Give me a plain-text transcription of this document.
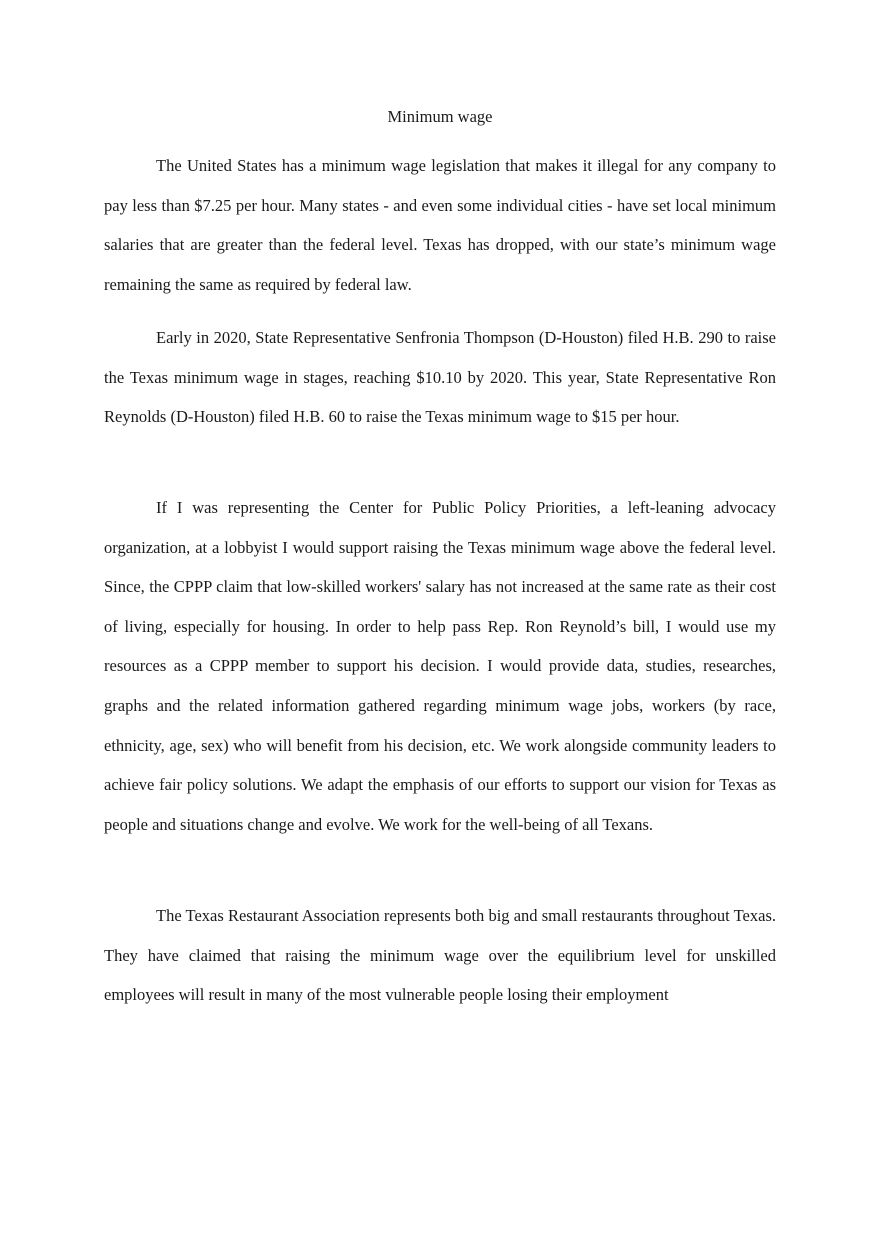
Minimum wage

The United States has a minimum wage legislation that makes it illegal for any company to pay less than $7.25 per hour. Many states - and even some individual cities - have set local minimum salaries that are greater than the federal level. Texas has dropped, with our state’s minimum wage remaining the same as required by federal law.

Early in 2020, State Representative Senfronia Thompson (D-Houston) filed H.B. 290 to raise the Texas minimum wage in stages, reaching $10.10 by 2020. This year, State Representative Ron Reynolds (D-Houston) filed H.B. 60 to raise the Texas minimum wage to $15 per hour.

If I was representing the Center for Public Policy Priorities, a left-leaning advocacy organization, at a lobbyist I would support raising the Texas minimum wage above the federal level. Since, the CPPP claim that low-skilled workers' salary has not increased at the same rate as their cost of living, especially for housing. In order to help pass Rep. Ron Reynold’s bill, I would use my resources as a CPPP member to support his decision. I would provide data, studies, researches, graphs and the related information gathered regarding minimum wage jobs, workers (by race, ethnicity, age, sex) who will benefit from his decision, etc. We work alongside community leaders to achieve fair policy solutions. We adapt the emphasis of our efforts to support our vision for Texas as people and situations change and evolve. We work for the well-being of all Texans.

The Texas Restaurant Association represents both big and small restaurants throughout Texas. They have claimed that raising the minimum wage over the equilibrium level for unskilled employees will result in many of the most vulnerable people losing their employment
